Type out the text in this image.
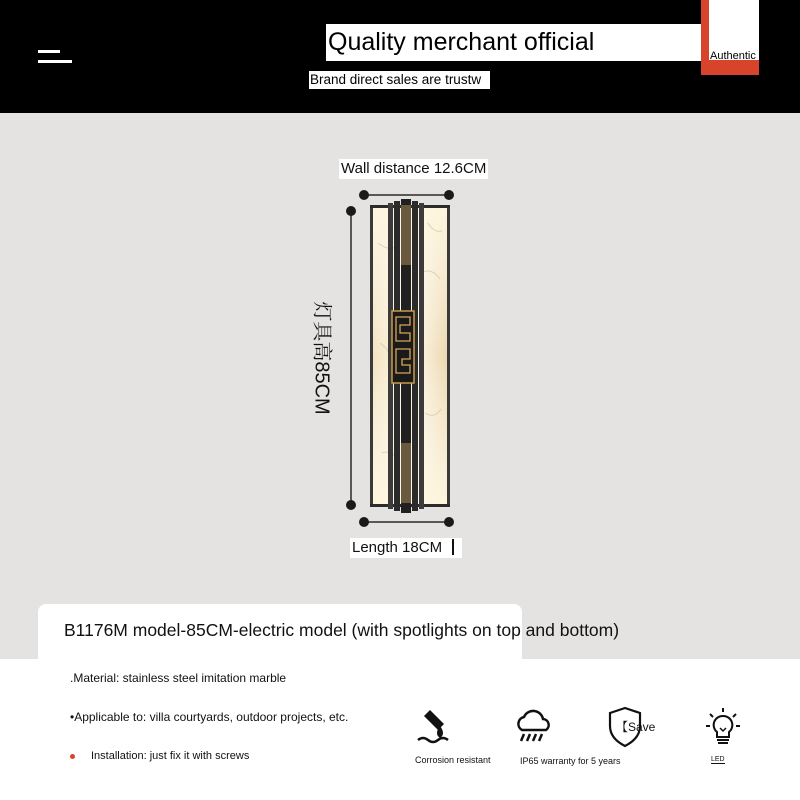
Quality merchant official	Authentic
Brand direct sales are trustw
Wall distance 12.6CM
灯具高85CM
Length 18CM
B1176M model-85CM-electric model (with spotlights on top and bottom)
.Material: stainless steel imitation marble
•Applicable to: villa courtyards, outdoor projects, etc.
Installation: just fix it with screws	Corrosion resistant	IP65 warranty for 5 years
【Save
LED
